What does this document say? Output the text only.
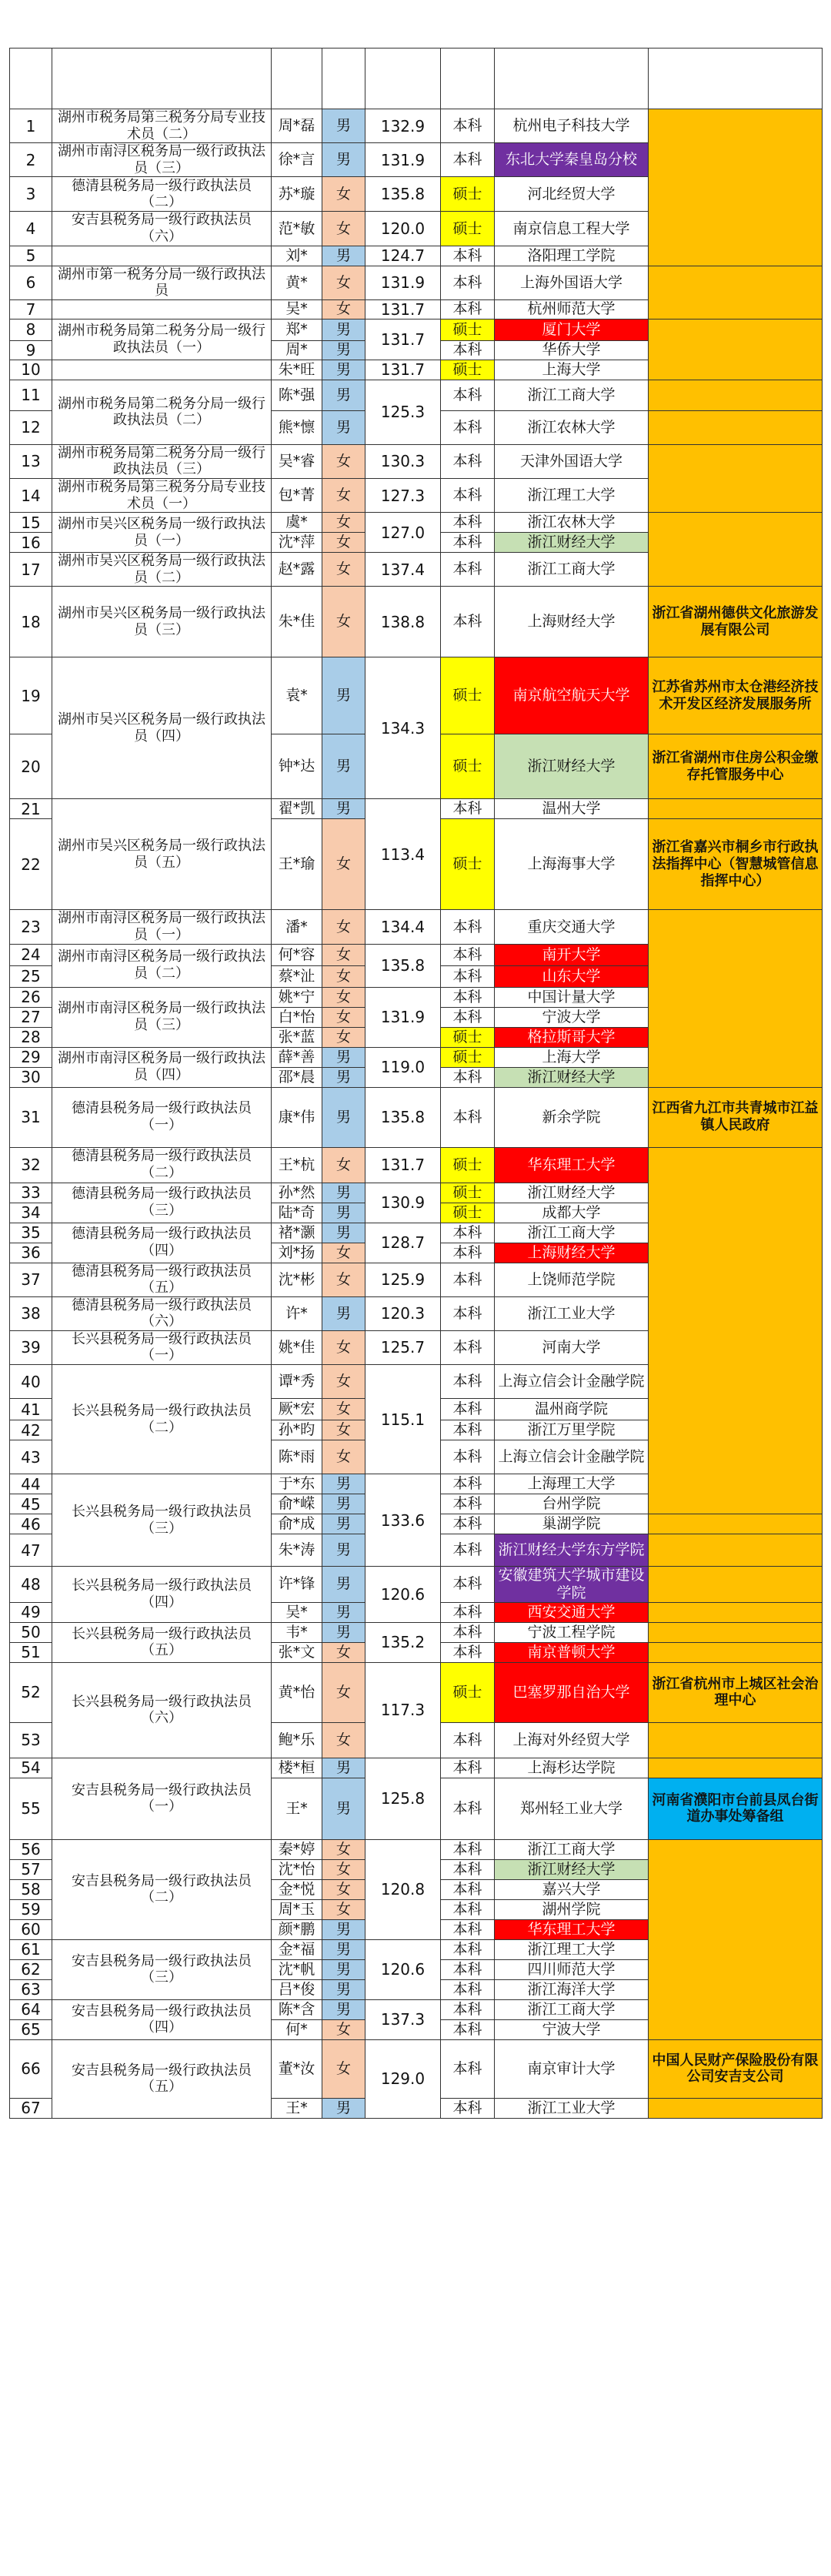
1	湖州市税务局第三税务分局专业技术员（二）	周*磊	男	132.9	本科	杭州电子科技大学	
2	湖州市南浔区税务局一级行政执法员（三）	徐*言	男	131.9	本科	东北大学秦皇岛分校	
3	德清县税务局一级行政执法员（二）	苏*璇	女	135.8	硕士	河北经贸大学	
4	安吉县税务局一级行政执法员（六）	范*敏	女	120.0	硕士	南京信息工程大学	
5		刘*	男	124.7	本科	洛阳理工学院	
6	湖州市第一税务分局一级行政执法员	黄*	女	131.9	本科	上海外国语大学	
7		吴*	女	131.7	本科	杭州师范大学	
8	湖州市税务局第二税务分局一级行政执法员（一）	郑*	男	131.7	硕士	厦门大学	
9		周*	男		本科	华侨大学	
10		朱*旺	男	131.7	硕士	上海大学	
11	湖州市税务局第二税务分局一级行政执法员（二）	陈*强	男	125.3	本科	浙江工商大学	
12		熊*懔	男		本科	浙江农林大学	
13	湖州市税务局第二税务分局一级行政执法员（三）	吴*睿	女	130.3	本科	天津外国语大学	
14	湖州市税务局第三税务分局专业技术员（一）	包*菁	女	127.3	本科	浙江理工大学	
15	湖州市吴兴区税务局一级行政执法员（一）	虞*	女	127.0	本科	浙江农林大学	
16		沈*萍	女		本科	浙江财经大学	
17	湖州市吴兴区税务局一级行政执法员（二）	赵*露	女	137.4	本科	浙江工商大学	
18	湖州市吴兴区税务局一级行政执法员（三）	朱*佳	女	138.8	本科	上海财经大学	浙江省湖州德供文化旅游发展有限公司
19	湖州市吴兴区税务局一级行政执法员（四）	袁*	男	134.3	硕士	南京航空航天大学	江苏省苏州市太仓港经济技术开发区经济发展服务所
20		钟*达	男		硕士	浙江财经大学	浙江省湖州市住房公积金缴存托管服务中心
21	湖州市吴兴区税务局一级行政执法员（五）	翟*凯	男	113.4	本科	温州大学	
22		王*瑜	女		硕士	上海海事大学	浙江省嘉兴市桐乡市行政执法指挥中心（智慧城管信息指挥中心）
23	湖州市南浔区税务局一级行政执法员（一）	潘*	女	134.4	本科	重庆交通大学	
24	湖州市南浔区税务局一级行政执法员（二）	何*容	女	135.8	本科	南开大学	
25		蔡*沚	女		本科	山东大学	
26	湖州市南浔区税务局一级行政执法员（三）	姚*宁	女	131.9	本科	中国计量大学	
27		白*怡	女		本科	宁波大学	
28		张*蓝	女		硕士	格拉斯哥大学	
29	湖州市南浔区税务局一级行政执法员（四）	薛*善	男	119.0	硕士	上海大学	
30		邵*晨	男		本科	浙江财经大学	
31	德清县税务局一级行政执法员（一）	康*伟	男	135.8	本科	新余学院	江西省九江市共青城市江益镇人民政府
32	德清县税务局一级行政执法员（二）	王*杭	女	131.7	硕士	华东理工大学	
33	德清县税务局一级行政执法员（三）	孙*然	男	130.9	硕士	浙江财经大学	
34		陆*奇	男		硕士	成都大学	
35	德清县税务局一级行政执法员（四）	褚*灏	男	128.7	本科	浙江工商大学	
36		刘*扬	女		本科	上海财经大学	
37	德清县税务局一级行政执法员（五）	沈*彬	女	125.9	本科	上饶师范学院	
38	德清县税务局一级行政执法员（六）	许*	男	120.3	本科	浙江工业大学	
39	长兴县税务局一级行政执法员（一）	姚*佳	女	125.7	本科	河南大学	
40	长兴县税务局一级行政执法员（二）	谭*秀	女	115.1	本科	上海立信会计金融学院	
41		厥*宏	女		本科	温州商学院	
42		孙*昀	女		本科	浙江万里学院	
43		陈*雨	女		本科	上海立信会计金融学院	
44	长兴县税务局一级行政执法员（三）	于*东	男	133.6	本科	上海理工大学	
45		俞*嵘	男		本科	台州学院	
46		俞*成	男		本科	巢湖学院	
47		朱*涛	男		本科	浙江财经大学东方学院	
48	长兴县税务局一级行政执法员（四）	许*锋	男	120.6	本科	安徽建筑大学城市建设学院	
49		吴*	男		本科	西安交通大学	
50	长兴县税务局一级行政执法员（五）	韦*	男	135.2	本科	宁波工程学院	
51		张*文	女		本科	南京普顿大学	
52	长兴县税务局一级行政执法员（六）	黄*怡	女	117.3	硕士	巴塞罗那自治大学	浙江省杭州市上城区社会治理中心
53		鲍*乐	女		本科	上海对外经贸大学	
54	安吉县税务局一级行政执法员（一）	楼*桓	男	125.8	本科	上海杉达学院	
55		王*	男		本科	郑州轻工业大学	河南省濮阳市台前县凤台街道办事处筹备组
56	安吉县税务局一级行政执法员（二）	秦*婷	女	120.8	本科	浙江工商大学	
57		沈*怡	女		本科	浙江财经大学	
58		金*悦	女		本科	嘉兴大学	
59		周*玉	女		本科	湖州学院	
60		颜*鹏	男		本科	华东理工大学	
61	安吉县税务局一级行政执法员（三）	金*福	男	120.6	本科	浙江理工大学	
62		沈*帆	男		本科	四川师范大学	
63		吕*俊	男		本科	浙江海洋大学	
64	安吉县税务局一级行政执法员（四）	陈*含	男	137.3	本科	浙江工商大学	
65		何*	女		本科	宁波大学	
66	安吉县税务局一级行政执法员（五）	董*汝	女	129.0	本科	南京审计大学	中国人民财产保险股份有限公司安吉支公司
67		王*	男		本科	浙江工业大学	
